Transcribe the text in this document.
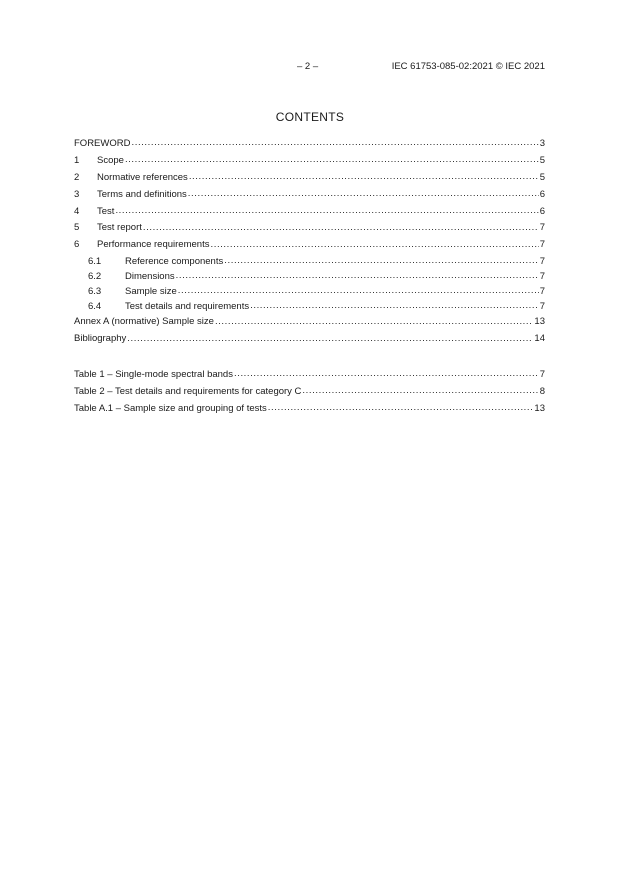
– 2 –	IEC 61753-085-02:2021 © IEC 2021
CONTENTS
FOREWORD .....	3
1	Scope .....	5
2	Normative references .....	5
3	Terms and definitions .....	6
4	Test .....	6
5	Test report .....	7
6	Performance requirements .....	7
6.1	Reference components .....	7
6.2	Dimensions .....	7
6.3	Sample size .....	7
6.4	Test details and requirements .....	7
Annex A (normative) Sample size .....	13
Bibliography .....	14
Table 1 – Single-mode spectral bands .....	7
Table 2 – Test details and requirements for category C .....	8
Table A.1 – Sample size and grouping of tests .....	13
